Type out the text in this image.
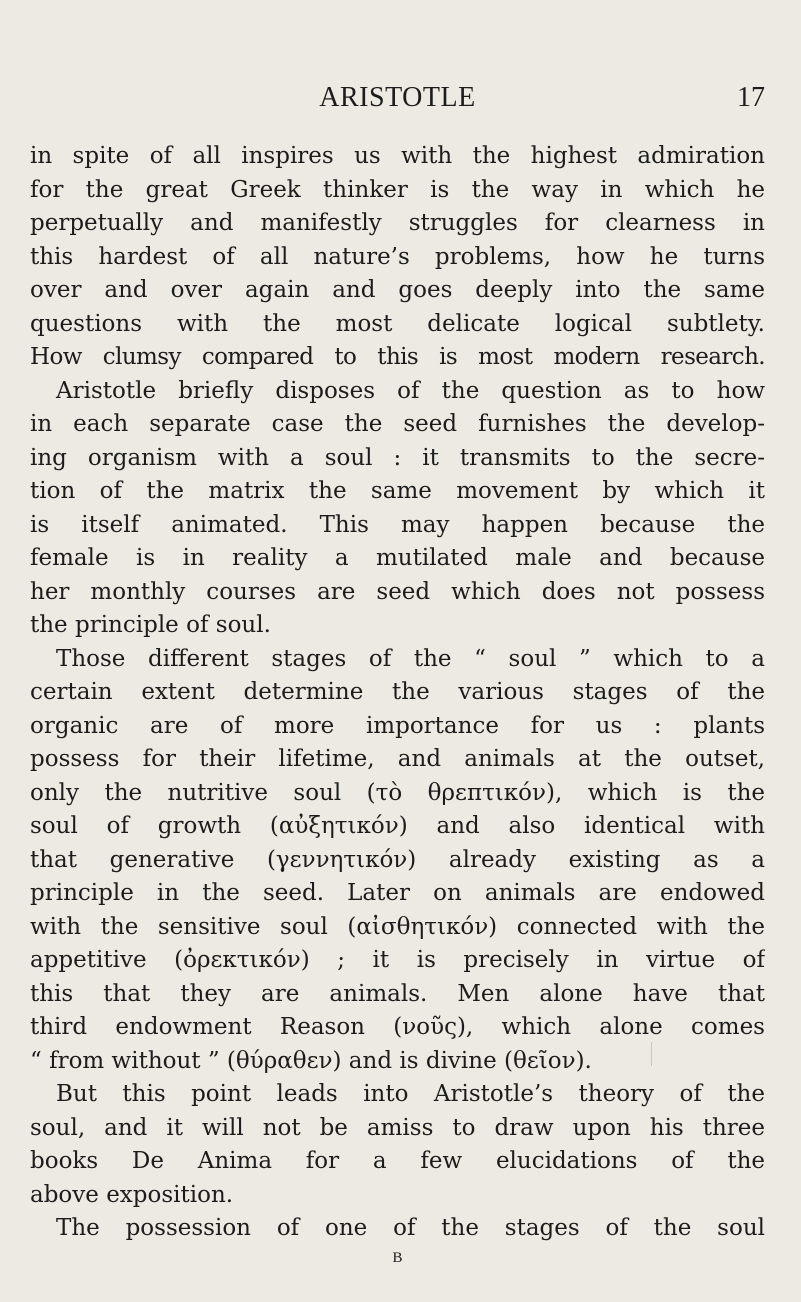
ARISTOTLE	17
in spite of all inspires us with the highest admiration
for the great Greek thinker is the way in which he
perpetually and manifestly struggles for clearness in
this hardest of all nature’s problems, how he turns
over and over again and goes deeply into the same
questions with the most delicate logical subtlety.
How clumsy compared to this is most modern research.
Aristotle briefly disposes of the question as to how
in each separate case the seed furnishes the develop-
ing organism with a soul : it transmits to the secre-
tion of the matrix the same movement by which it
is itself animated. This may happen because the
female is in reality a mutilated male and because
her monthly courses are seed which does not possess
the principle of soul.
Those different stages of the “ soul ” which to a
certain extent determine the various stages of the
organic are of more importance for us : plants
possess for their lifetime, and animals at the outset,
only the nutritive soul (τὸ θρεπτικόν), which is the
soul of growth (αὐξητικόν) and also identical with
that generative (γεννητικόν) already existing as a
principle in the seed. Later on animals are endowed
with the sensitive soul (αἰσθητικόν) connected with the
appetitive (ὀρεκτικόν) ; it is precisely in virtue of
this that they are animals. Men alone have that
third endowment Reason (νοῦς), which alone comes
“ from without ” (θύραθεν) and is divine (θεῖον).
But this point leads into Aristotle’s theory of the
soul, and it will not be amiss to draw upon his three
books De Anima for a few elucidations of the
above exposition.
The possession of one of the stages of the soul
B
